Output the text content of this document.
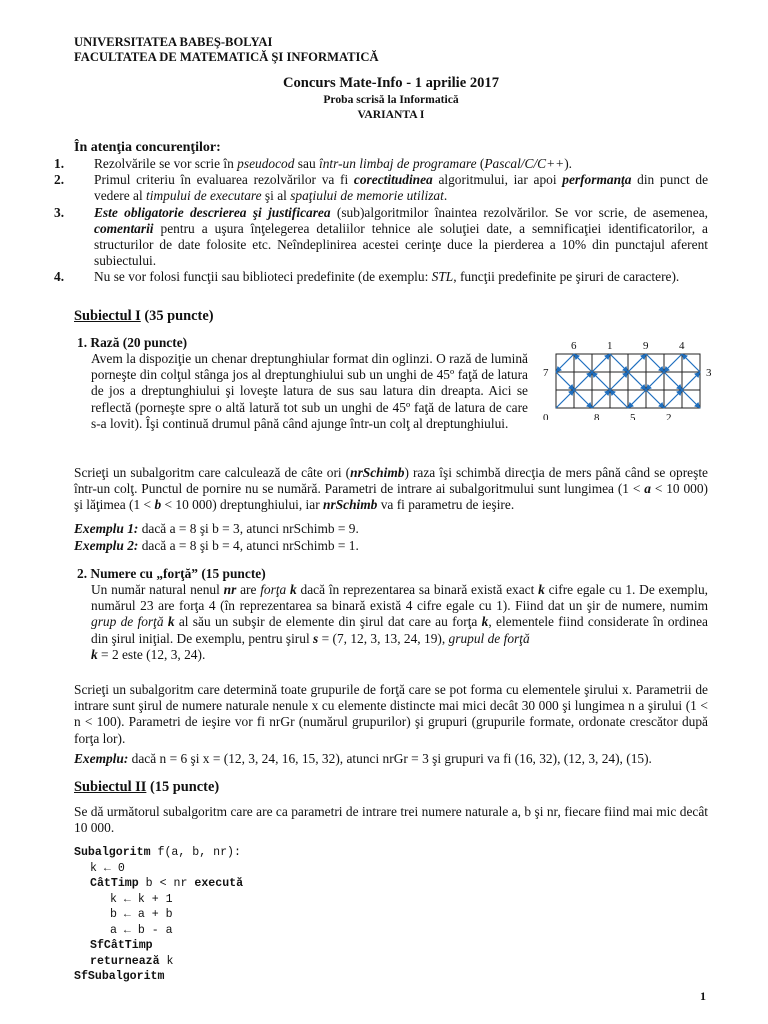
UNIVERSITATEA BABEŞ-BOLYAI
FACULTATEA DE MATEMATICĂ ŞI INFORMATICĂ
Concurs Mate-Info - 1 aprilie 2017
Proba scrisă la Informatică
VARIANTA I
În atenţia concurenţilor:
1. Rezolvările se vor scrie în pseudocod sau într-un limbaj de programare (Pascal/C/C++).
2. Primul criteriu în evaluarea rezolvărilor va fi corectitudinea algoritmului, iar apoi performanţa din punct de vedere al timpului de executare şi al spaţiului de memorie utilizat.
3. Este obligatorie descrierea şi justificarea (sub)algoritmilor înaintea rezolvărilor. Se vor scrie, de asemenea, comentarii pentru a uşura înţelegerea detaliilor tehnice ale soluţiei date, a semnificaţiei identificatorilor, a structurilor de date folosite etc. Neîndeplinirea acestei cerinţe duce la pierderea a 10% din punctajul aferent subiectului.
4. Nu se vor folosi funcţii sau biblioteci predefinite (de exemplu: STL, funcţii predefinite pe şiruri de caractere).
Subiectul I (35 puncte)
1. Rază (20 puncte)
Avem la dispoziţie un chenar dreptunghiular format din oglinzi. O rază de lumină porneşte din colţul stânga jos al dreptunghiului sub un unghi de 45º faţă de latura de jos a dreptunghiului şi loveşte latura de sus sau latura din dreapta. Aici se reflectă (porneşte spre o altă latură tot sub un unghi de 45º faţă de latura de care s-a lovit). Îşi continuă drumul până când ajunge într-un colţ al dreptunghiului.
6	1	9	4
0	8	5	2
7	3
Scrieţi un subalgoritm care calculează de câte ori (nrSchimb) raza îşi schimbă direcţia de mers până când se opreşte într-un colţ. Punctul de pornire nu se numără. Parametri de intrare ai subalgoritmului sunt lungimea (1 < a < 10 000) şi lăţimea (1 < b < 10 000) dreptunghiului, iar nrSchimb va fi parametru de ieşire.
Exemplu 1: dacă a = 8 şi b = 3, atunci nrSchimb = 9.
Exemplu 2: dacă a = 8 şi b = 4, atunci nrSchimb = 1.
2. Numere cu „forţă” (15 puncte)
Un număr natural nenul nr are forţa k dacă în reprezentarea sa binară există exact k cifre egale cu 1. De exemplu, numărul 23 are forţa 4 (în reprezentarea sa binară există 4 cifre egale cu 1). Fiind dat un şir de numere, numim grup de forţă k al său un subşir de elemente din şirul dat care au forţa k, elementele fiind considerate în ordinea din şirul iniţial. De exemplu, pentru şirul s = (7, 12, 3, 13, 24, 19), grupul de forţă
k = 2 este (12, 3, 24).
Scrieţi un subalgoritm care determină toate grupurile de forţă care se pot forma cu elementele şirului x. Parametrii de intrare sunt şirul de numere naturale nenule x cu elemente distincte mai mici decât 30 000 şi lungimea n a şirului (1 < n < 100). Parametri de ieşire vor fi nrGr (numărul grupurilor) şi grupuri (grupurile formate, ordonate crescător după forţa lor).
Exemplu: dacă n = 6 şi x = (12, 3, 24, 16, 15, 32), atunci nrGr = 3 şi grupuri va fi (16, 32), (12, 3, 24), (15).
Subiectul II (15 puncte)
Se dă următorul subalgoritm care are ca parametri de intrare trei numere naturale a, b şi nr, fiecare fiind mai mic decât 10 000.
Subalgoritm f(a, b, nr):
k ← 0
CâtTimp b < nr execută
k ← k + 1
b ← a + b
a ← b - a
SfCâtTimp
returnează k
SfSubalgoritm
1
